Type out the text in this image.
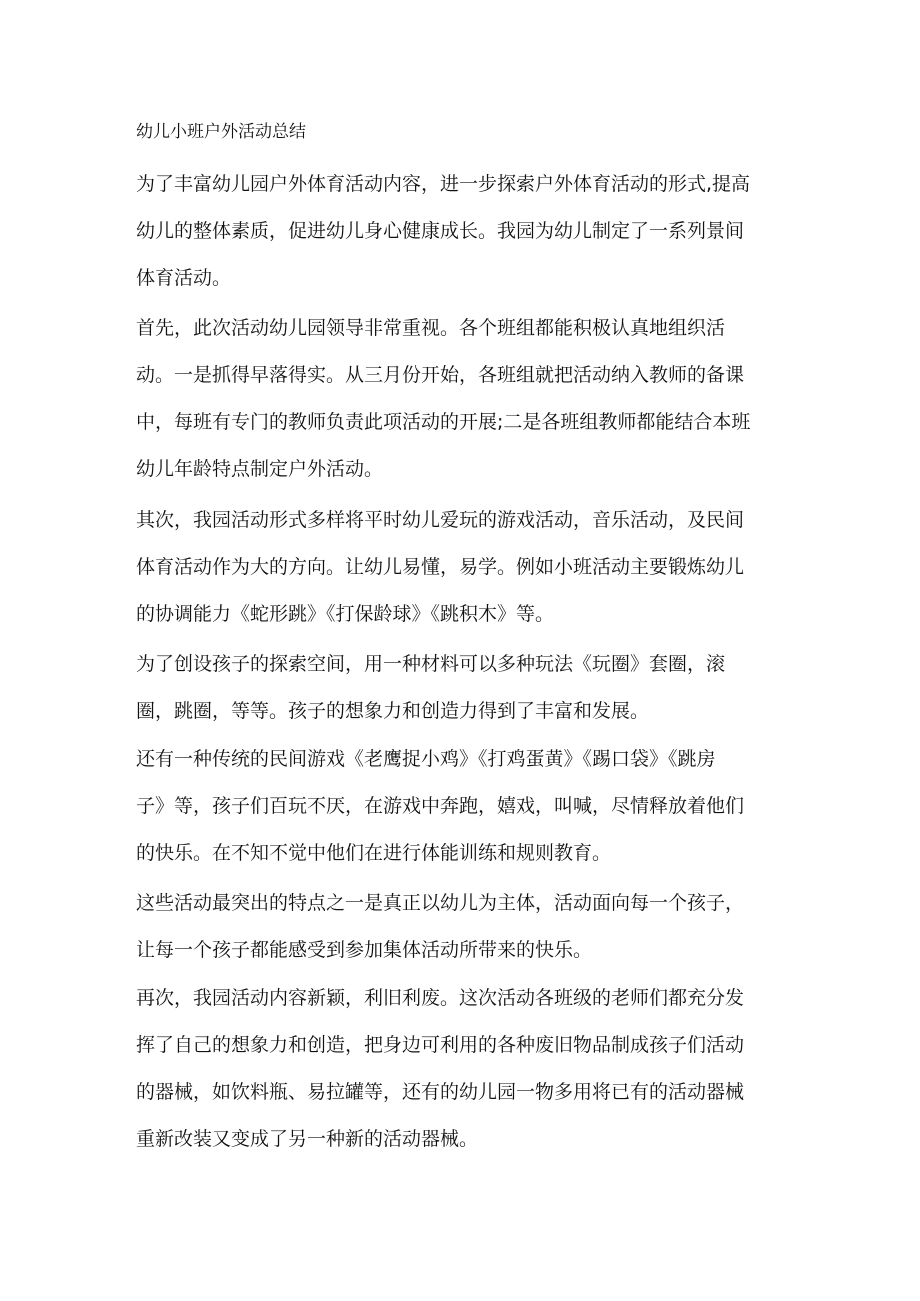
幼儿小班户外活动总结
为了丰富幼儿园户外体育活动内容，进一步探索户外体育活动的形式,提高
幼儿的整体素质，促进幼儿身心健康成长。我园为幼儿制定了一系列景间
体育活动。
首先，此次活动幼儿园领导非常重视。各个班组都能积极认真地组织活
动。一是抓得早落得实。从三月份开始，各班组就把活动纳入教师的备课
中，每班有专门的教师负责此项活动的开展;二是各班组教师都能结合本班
幼儿年龄特点制定户外活动。
其次，我园活动形式多样将平时幼儿爱玩的游戏活动，音乐活动，及民间
体育活动作为大的方向。让幼儿易懂，易学。例如小班活动主要锻炼幼儿
的协调能力《蛇形跳》《打保龄球》《跳积木》等。
为了创设孩子的探索空间，用一种材料可以多种玩法《玩圈》套圈，滚
圈，跳圈，等等。孩子的想象力和创造力得到了丰富和发展。
还有一种传统的民间游戏《老鹰捉小鸡》《打鸡蛋黄》《踢口袋》《跳房
子》等，孩子们百玩不厌，在游戏中奔跑，嬉戏，叫喊，尽情释放着他们
的快乐。在不知不觉中他们在进行体能训练和规则教育。
这些活动最突出的特点之一是真正以幼儿为主体，活动面向每一个孩子，
让每一个孩子都能感受到参加集体活动所带来的快乐。
再次，我园活动内容新颖，利旧利废。这次活动各班级的老师们都充分发
挥了自己的想象力和创造，把身边可利用的各种废旧物品制成孩子们活动
的器械，如饮料瓶、易拉罐等，还有的幼儿园一物多用将已有的活动器械
重新改装又变成了另一种新的活动器械。
